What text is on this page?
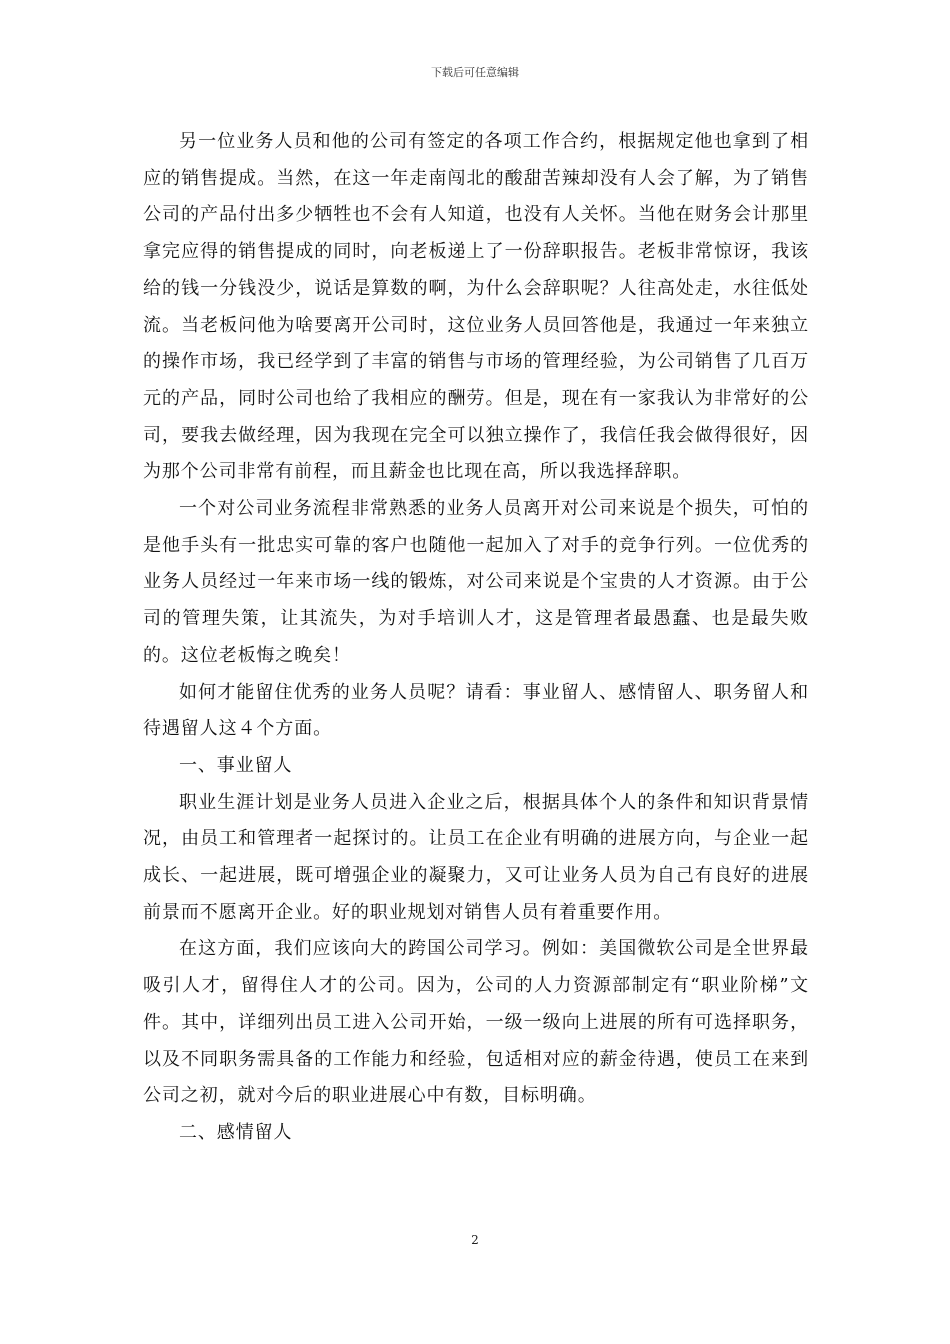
下载后可任意编辑

另一位业务人员和他的公司有签定的各项工作合约，根据规定他也拿到了相应的销售提成。当然，在这一年走南闯北的酸甜苦辣却没有人会了解，为了销售公司的产品付出多少牺牲也不会有人知道，也没有人关怀。当他在财务会计那里拿完应得的销售提成的同时，向老板递上了一份辞职报告。老板非常惊讶，我该给的钱一分钱没少，说话是算数的啊，为什么会辞职呢？人往高处走，水往低处流。当老板问他为啥要离开公司时，这位业务人员回答他是，我通过一年来独立的操作市场，我已经学到了丰富的销售与市场的管理经验，为公司销售了几百万元的产品，同时公司也给了我相应的酬劳。但是，现在有一家我认为非常好的公司，要我去做经理，因为我现在完全可以独立操作了，我信任我会做得很好，因为那个公司非常有前程，而且薪金也比现在高，所以我选择辞职。

一个对公司业务流程非常熟悉的业务人员离开对公司来说是个损失，可怕的是他手头有一批忠实可靠的客户也随他一起加入了对手的竞争行列。一位优秀的业务人员经过一年来市场一线的锻炼，对公司来说是个宝贵的人才资源。由于公司的管理失策，让其流失，为对手培训人才，这是管理者最愚蠢、也是最失败的。这位老板悔之晚矣！

如何才能留住优秀的业务人员呢？请看：事业留人、感情留人、职务留人和待遇留人这４个方面。

一、事业留人

职业生涯计划是业务人员进入企业之后，根据具体个人的条件和知识背景情况，由员工和管理者一起探讨的。让员工在企业有明确的进展方向，与企业一起成长、一起进展，既可增强企业的凝聚力，又可让业务人员为自己有良好的进展前景而不愿离开企业。好的职业规划对销售人员有着重要作用。

在这方面，我们应该向大的跨国公司学习。例如：美国微软公司是全世界最吸引人才，留得住人才的公司。因为，公司的人力资源部制定有“职业阶梯”文件。其中，详细列出员工进入公司开始，一级一级向上进展的所有可选择职务，以及不同职务需具备的工作能力和经验，包适相对应的薪金待遇，使员工在来到公司之初，就对今后的职业进展心中有数，目标明确。

二、感情留人

2
